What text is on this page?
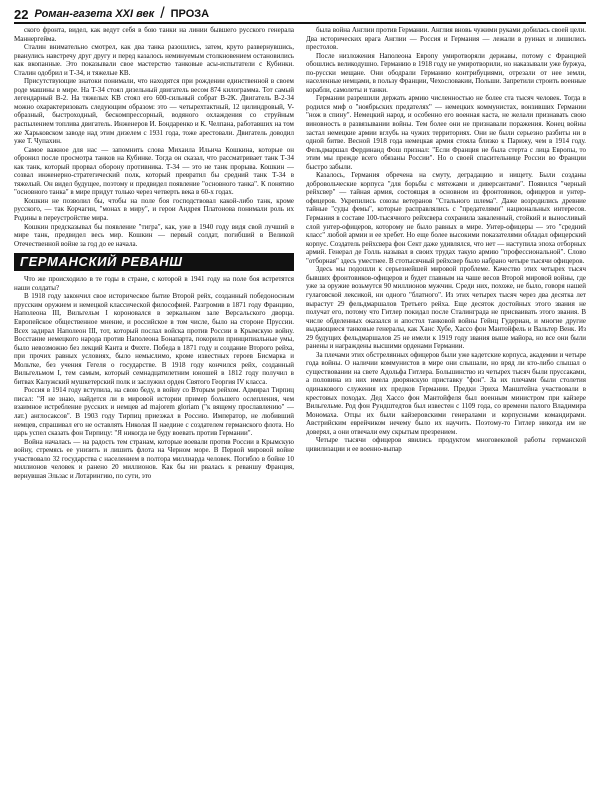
22 Роман-газета XXI век / ПРОЗА

ского фронта, видел, как ведут себя в бою танки на линии бывшего русского генерала Маннергейма.

Сталин внимательно смотрел, как два танка разошлись, затем, круто развернувшись, рванулись навстречу друг другу и перед казалось неминуемым столкновением остановились как вкопанные. Это показывали свое мастерство танковые асы-испытатели с Кубинки. Сталин одобрил и Т-34, и тяжелые КВ.

Присутствующие знатоки понимали, что находятся при рождении единственной в своем роде машины в мире. На Т-34 стоял дизельный двигатель весом 874 килограмма. Тот самый легендарный В-2. На тяжелых КВ стоял его 600-сильный собрат В-2К. Двигатель В-2-34 можно охарактеризовать следующим образом: это — четырехтактный, 12 цилиндровый, V-образный, быстроходный, бескомпрессорный, водяного охлаждения со струйным распылением топлива двигатель. Инженеров И. Бондаренко и К. Челпана, работавших на том же Харьковском заводе над этим дизелем с 1931 года, тоже арестовали. Двигатель доводил уже Т. Чупахин.

Самое важное для нас — запомнить слова Михаила Ильича Кошкина, которые он обронил после просмотра танков на Кубинке. Тогда он сказал, что рассматривает танк Т-34 как танк, который прорвал оборону противника. Т-34 — это не танк прорыва. Кошкин — созвал инженерно-стратегический полк, который превратил бы средний танк Т-34 в тяжелый. Он видел будущее, поэтому и предвидел появление "основного танка". К понятию "основного танка" в мире придут только через четверть века в 60-х годах.

Кошкин не позволил бы, чтобы на поле боя господствовал какой-либо танк, кроме русского, — так Корчагин, "монах в миру", и герои Андрея Платонова понимали роль их Родины в переустройстве мира.

Кошкин предсказывал бы появление "тигра", как, уже в 1940 году видя свой лучший в мире танк, предвидел весь мир. Кошкин — первый солдат, погибший в Великой Отечественной войне за год до ее начала.

ГЕРМАНСКИЙ РЕВАНШ

Что же происходило в те годы в стране, с которой в 1941 году на поле боя встретятся наши солдаты?

В 1918 году закончил свое историческое бытие Второй рейх, созданный победоносным прусским оружием и немецкой классической философией. Разгромив в 1871 году Францию, Наполеона III, Вильгельм I короновался в зеркальном зале Версальского дворца. Европейское общественное мнение, и российское в том числе, было на стороне Пруссии. Всех задирал Наполеон III, тот, который послал войска против России в Крымскую войну. Восстание немецкого народа против Наполеона Бонапарта, покорили принципиальные умы, было невозможно без лекций Канта и Фихте. Победа в 1871 году и создание Второго рейха, при прочих равных условиях, было немыслимо, кроме известных героев Бисмарка и Мольтке, без учения Гегеля о государстве. В 1918 году кончился рейх, созданный Вильгельмом I, тем самым, который семнадцатилетним юношей в 1812 году получил в битвах Калужский мушкетерский полк и заслужил орден Святого Георгия IV класса.

Россия в 1914 году вступила, на свою беду, в войну со Вторым рейхом. Адмирал Тирпиц писал: "Я не знаю, найдется ли в мировой истории пример большего ослепления, чем взаимное истребление русских и немцев ad majorem gloriam ("к вящему прославлению" — лат.) англосаксов". В 1903 году Тирпиц приезжал в Россию. Император, не любивший немцев, спрашивал его не оставлять Николая II наедине с создателем германского флота. Но царь успел сказать фон Тирпицу: "Я никогда не буду воевать против Германии".

Война началась — на радость тем странам, которые воевали против России в Крымскую войну, стремясь ее унизить и лишить флота на Черном море. В Первой мировой войне участвовало 32 государства с населением в полтора миллиарда человек. Погибло в бойне 10 миллионов человек и ранено 20 миллионов. Как бы ни рвалась к реваншу Франция, вернувшая Эльзас и Лотарингию, по сути, это

была война Англии против Германии. Англия вновь чужими руками добилась своей цели. Два исторических врага Англии — Россия и Германия — лежали в руинах и лишились престолов.

После низложения Наполеона Европу умиротворяли державы, потому с Францией обошлись великодушно. Германию в 1918 году не умиротворили, но наказывали уже буржуа, по-русски мещане. Они ободрали Германию контрибуциями, отрезали от нее земли, населенные немцами, в пользу Франции, Чехословакии, Польши. Запретили строить военные корабли, самолеты и танки.

Германии разрешили держать армию численностью не более ста тысяч человек. Тогда в родился миф о "ноябрьских предателях" — немецких коммунистах, вонзивших Германии "нож в спину". Немецкий народ, и особенно его военная каста, не желали признавать свою виновность в развязывании войны. Тем более они не признавали поражения. Конец войны застал немецкие армии вглубь на чужих территориях. Они не были серьезно разбиты ни в одной битве. Весной 1918 года немецкая армия стояла близко к Парижу, чем в 1914 году. Фельдмаршал Фердинанд Фош признал: "Если Франция не была стерта с лица Европы, то этим мы прежде всего обязаны России". Но о своей спасительнице России во Франции быстро забыли.

Казалось, Германия обречена на смуту, деградацию и нищету. Были созданы добровольческие корпуса "для борьбы с мятежами и диверсантами". Появился "черный рейхсвер" — тайная армия, состоящая в основном из фронтовиков, офицеров и унтер-офицеров. Укрепились союзы ветеранов "Стального шлема". Даже возродились древние тайные "суды фемы", которые расправлялись с "предателями" национальных интересов. Германия в составе 100-тысячного рейхсвера сохранила закаленный, стойкий и выносливый слой унтер-офицеров, которому не было равных в мире. Унтер-офицеры — это "средний класс" любой армии и ее хребет. Но еще более высокими показателями обладал офицерский корпус. Создатель рейхсвера фон Сект даже удивлялся, что нет — наступила эпоха отборных армий. Генерал де Голль называл в своих трудах такую армию "профессиональной". Слово "отборная" здесь уместнее. В стотысячный рейхсвер было набрано четыре тысячи офицеров.

Здесь мы подошли к серьезнейшей мировой проблеме. Качество этих четырех тысяч бывших фронтовиков-офицеров и будет главным на чаше весов Второй мировой войны, где уже за оружие возьмутся 90 миллионов мужчин. Среди них, похоже, не было, говоря нашей гулаговской лексикой, ни одного "блатного". Из этих четырех тысяч через два десятка лет вырастут 29 фельдмаршалов Третьего рейха. Еще десяток достойных этого звания не получат его, потому что Гитлер покидал после Сталинграда не присваивать этого звания. В числе обделенных оказался и апостол танковой войны Гейнц Гудериан, и многие другие выдающиеся танковые генералы, как Ханс Хубе, Хассо фон Мантойфель и Вальтер Венк. Из 29 будущих фельдмаршалов 25 не имели к 1919 году звания выше майора, но все они были ранены и награждены высшими орденами Германии.

За плечами этих обстрелянных офицеров были уже кадетские корпуса, академии и четыре года войны. О наличии коммунистов в мире они слышали, но вряд ли кто-либо слышал о существовании на свете Адольфа Гитлера. Большинство из четырех тысяч были пруссаками, а половина из них имела дворянскую приставку "фон". За их плечами были столетия одинакового служения их предков Германии. Предки Эриха Манштейна участвовали в крестовых походах. Дед Хассо фон Мантойфеля был военным министром при кайзере Вильгельме. Род фон Рундштедтов был известен с 1109 года, со времени палого Владимира Мономаха. Отцы их были кайзеровскими генералами и корпусными командирами. Австрийским еврейчиком нечему было их научить. Поэтому-то Гитлер никогда им не доверял, а они отвечали ему скрытым презрением.

Четыре тысячи офицеров явились продуктом многовековой работы германской цивилизации и ее военно-выпар
